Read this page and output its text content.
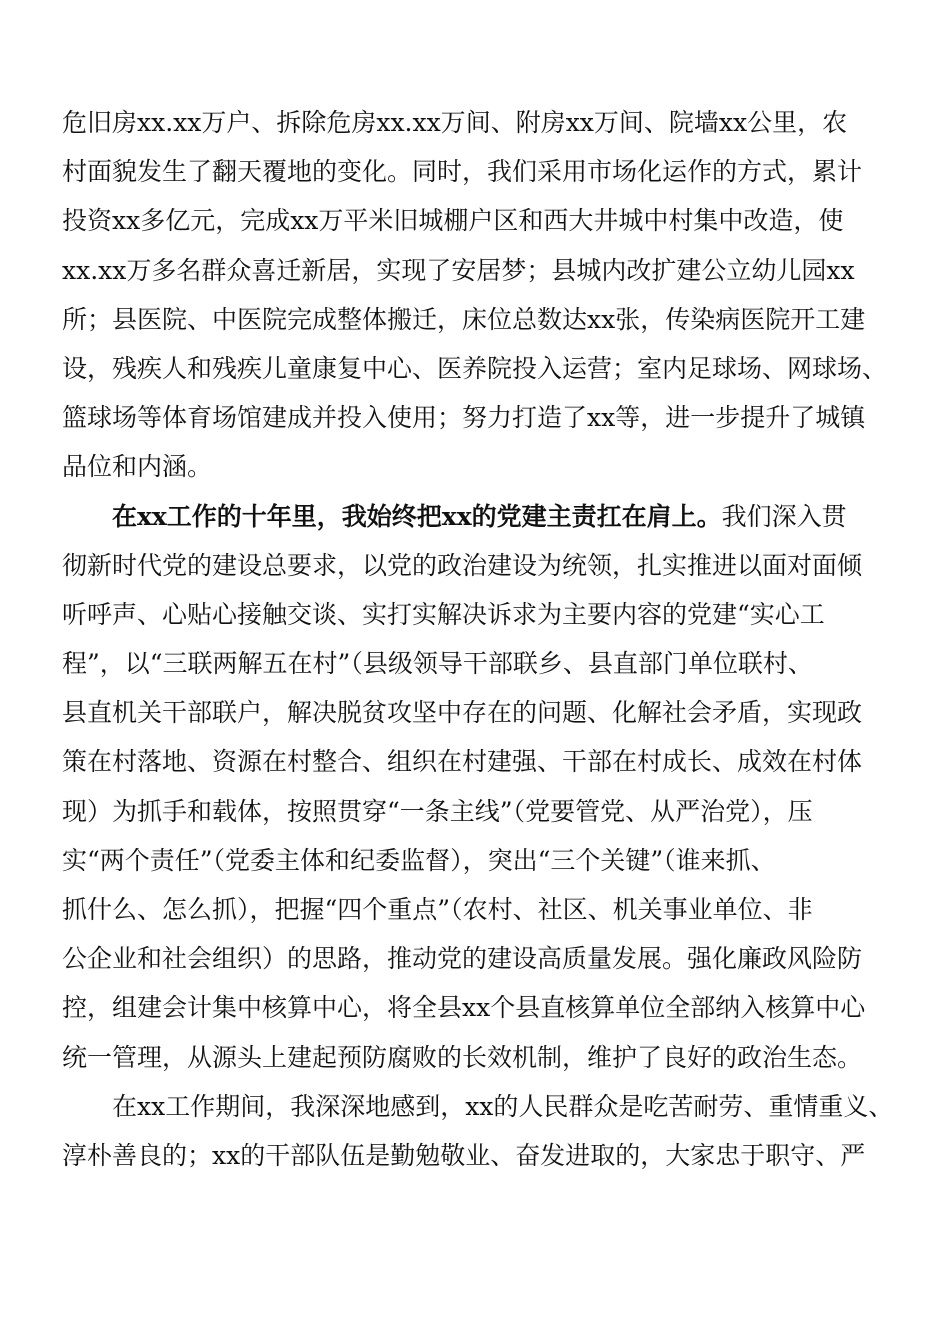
危旧房xx.xx万户、拆除危房xx.xx万间、附房xx万间、院墙xx公里，农
村面貌发生了翻天覆地的变化。同时，我们采用市场化运作的方式，累计
投资xx多亿元，完成xx万平米旧城棚户区和西大井城中村集中改造，使
xx.xx万多名群众喜迁新居，实现了安居梦；县城内改扩建公立幼儿园xx
所；县医院、中医院完成整体搬迁，床位总数达xx张，传染病医院开工建
设，残疾人和残疾儿童康复中心、医养院投入运营；室内足球场、网球场、
篮球场等体育场馆建成并投入使用；努力打造了xx等，进一步提升了城镇
品位和内涵。
在xx工作的十年里，我始终把xx的党建主责扛在肩上。我们深入贯
彻新时代党的建设总要求，以党的政治建设为统领，扎实推进以面对面倾
听呼声、心贴心接触交谈、实打实解决诉求为主要内容的党建“实心工
程”，以“三联两解五在村”（县级领导干部联乡、县直部门单位联村、
县直机关干部联户，解决脱贫攻坚中存在的问题、化解社会矛盾，实现政
策在村落地、资源在村整合、组织在村建强、干部在村成长、成效在村体
现）为抓手和载体，按照贯穿“一条主线”（党要管党、从严治党），压
实“两个责任”（党委主体和纪委监督），突出“三个关键”（谁来抓、
抓什么、怎么抓），把握“四个重点”（农村、社区、机关事业单位、非
公企业和社会组织）的思路，推动党的建设高质量发展。强化廉政风险防
控，组建会计集中核算中心，将全县xx个县直核算单位全部纳入核算中心
统一管理，从源头上建起预防腐败的长效机制，维护了良好的政治生态。
在xx工作期间，我深深地感到，xx的人民群众是吃苦耐劳、重情重义、
淳朴善良的；xx的干部队伍是勤勉敬业、奋发进取的，大家忠于职守、严
